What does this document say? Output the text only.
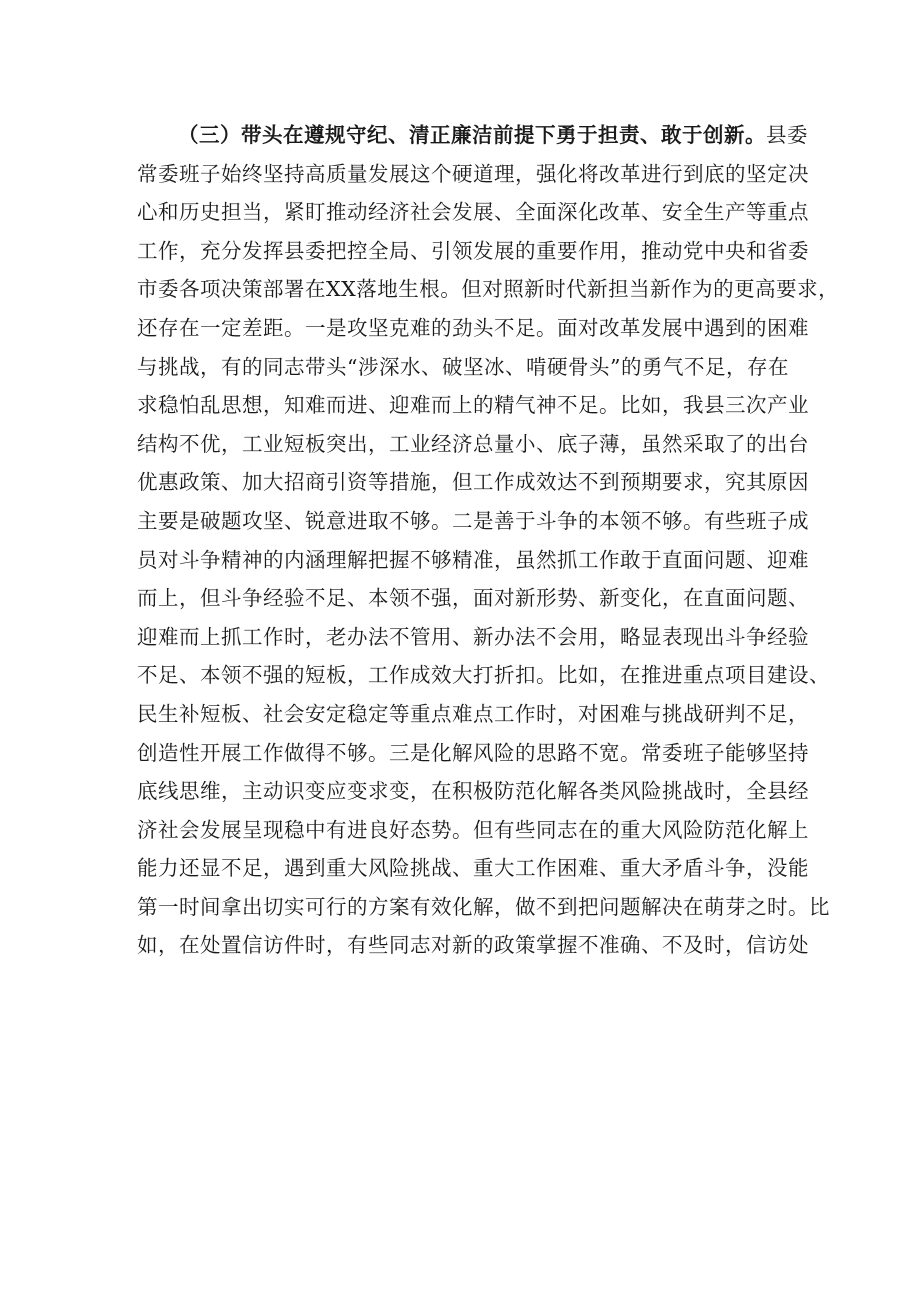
（三）带头在遵规守纪、清正廉洁前提下勇于担责、敢于创新。县委
常委班子始终坚持高质量发展这个硬道理，强化将改革进行到底的坚定决
心和历史担当，紧盯推动经济社会发展、全面深化改革、安全生产等重点
工作，充分发挥县委把控全局、引领发展的重要作用，推动党中央和省委
市委各项决策部署在XX落地生根。但对照新时代新担当新作为的更高要求，
还存在一定差距。一是攻坚克难的劲头不足。面对改革发展中遇到的困难
与挑战，有的同志带头“涉深水、破坚冰、啃硬骨头”的勇气不足，存在
求稳怕乱思想，知难而进、迎难而上的精气神不足。比如，我县三次产业
结构不优，工业短板突出，工业经济总量小、底子薄，虽然采取了的出台
优惠政策、加大招商引资等措施，但工作成效达不到预期要求，究其原因
主要是破题攻坚、锐意进取不够。二是善于斗争的本领不够。有些班子成
员对斗争精神的内涵理解把握不够精准，虽然抓工作敢于直面问题、迎难
而上，但斗争经验不足、本领不强，面对新形势、新变化，在直面问题、
迎难而上抓工作时，老办法不管用、新办法不会用，略显表现出斗争经验
不足、本领不强的短板，工作成效大打折扣。比如，在推进重点项目建设、
民生补短板、社会安定稳定等重点难点工作时，对困难与挑战研判不足，
创造性开展工作做得不够。三是化解风险的思路不宽。常委班子能够坚持
底线思维，主动识变应变求变，在积极防范化解各类风险挑战时，全县经
济社会发展呈现稳中有进良好态势。但有些同志在的重大风险防范化解上
能力还显不足，遇到重大风险挑战、重大工作困难、重大矛盾斗争，没能
第一时间拿出切实可行的方案有效化解，做不到把问题解决在萌芽之时。比
如，在处置信访件时，有些同志对新的政策掌握不准确、不及时，信访处
